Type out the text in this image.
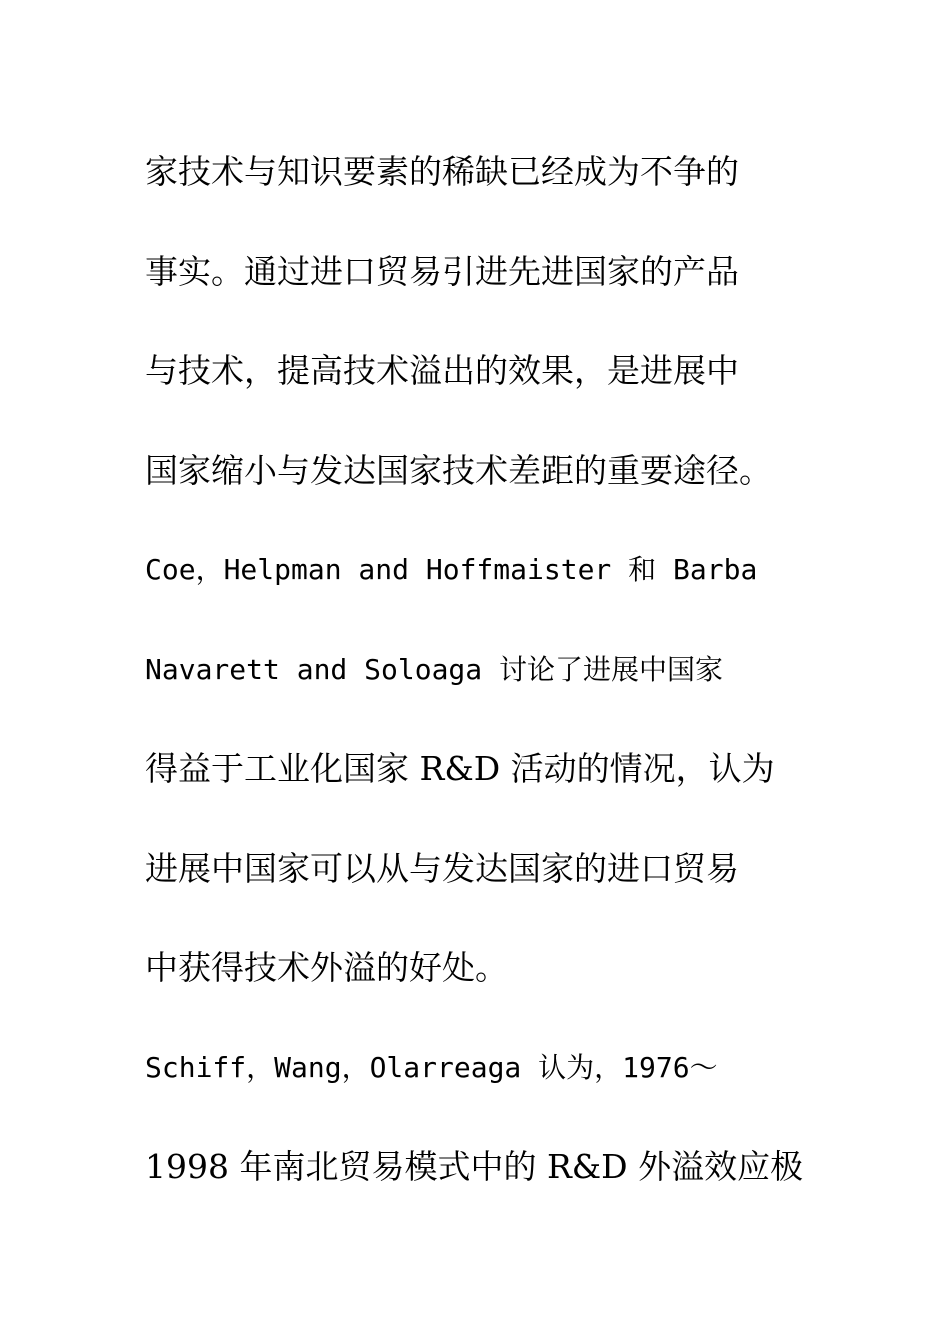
家技术与知识要素的稀缺已经成为不争的
事实。通过进口贸易引进先进国家的产品
与技术，提高技术溢出的效果，是进展中
国家缩小与发达国家技术差距的重要途径。
Coe，Helpman and Hoffmaister 和 Barba
Navarett and Soloaga 讨论了进展中国家
得益于工业化国家 R&D 活动的情况，认为
进展中国家可以从与发达国家的进口贸易
中获得技术外溢的好处。
Schiff，Wang，Olarreaga 认为，1976～
1998 年南北贸易模式中的 R&D 外溢效应极
